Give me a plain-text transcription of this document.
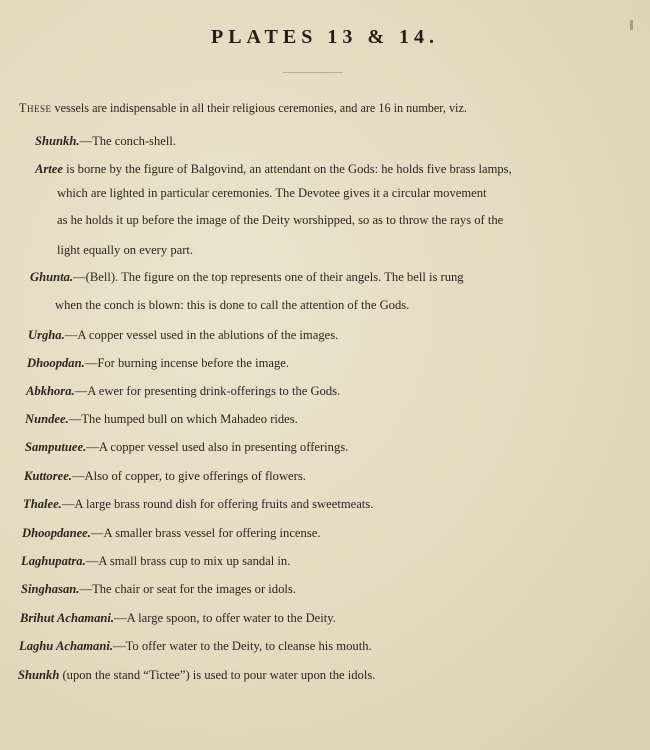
PLATES 13 & 14.
These vessels are indispensable in all their religious ceremonies, and are 16 in number, viz.
Shunkh.—The conch-shell.
Artee is borne by the figure of Balgovind, an attendant on the Gods: he holds five brass lamps,
which are lighted in particular ceremonies. The Devotee gives it a circular movement
as he holds it up before the image of the Deity worshipped, so as to throw the rays of the
light equally on every part.
Ghunta.—(Bell). The figure on the top represents one of their angels. The bell is rung
when the conch is blown: this is done to call the attention of the Gods.
Urgha.—A copper vessel used in the ablutions of the images.
Dhoopdan.—For burning incense before the image.
Abkhora.—A ewer for presenting drink-offerings to the Gods.
Nundee.—The humped bull on which Mahadeo rides.
Samputuee.—A copper vessel used also in presenting offerings.
Kuttoree.—Also of copper, to give offerings of flowers.
Thalee.—A large brass round dish for offering fruits and sweetmeats.
Dhoopdanee.—A smaller brass vessel for offering incense.
Laghupatra.—A small brass cup to mix up sandal in.
Singhasan.—The chair or seat for the images or idols.
Brihut Achamani.—A large spoon, to offer water to the Deity.
Laghu Achamani.—To offer water to the Deity, to cleanse his mouth.
Shunkh (upon the stand “Tictee”) is used to pour water upon the idols.
